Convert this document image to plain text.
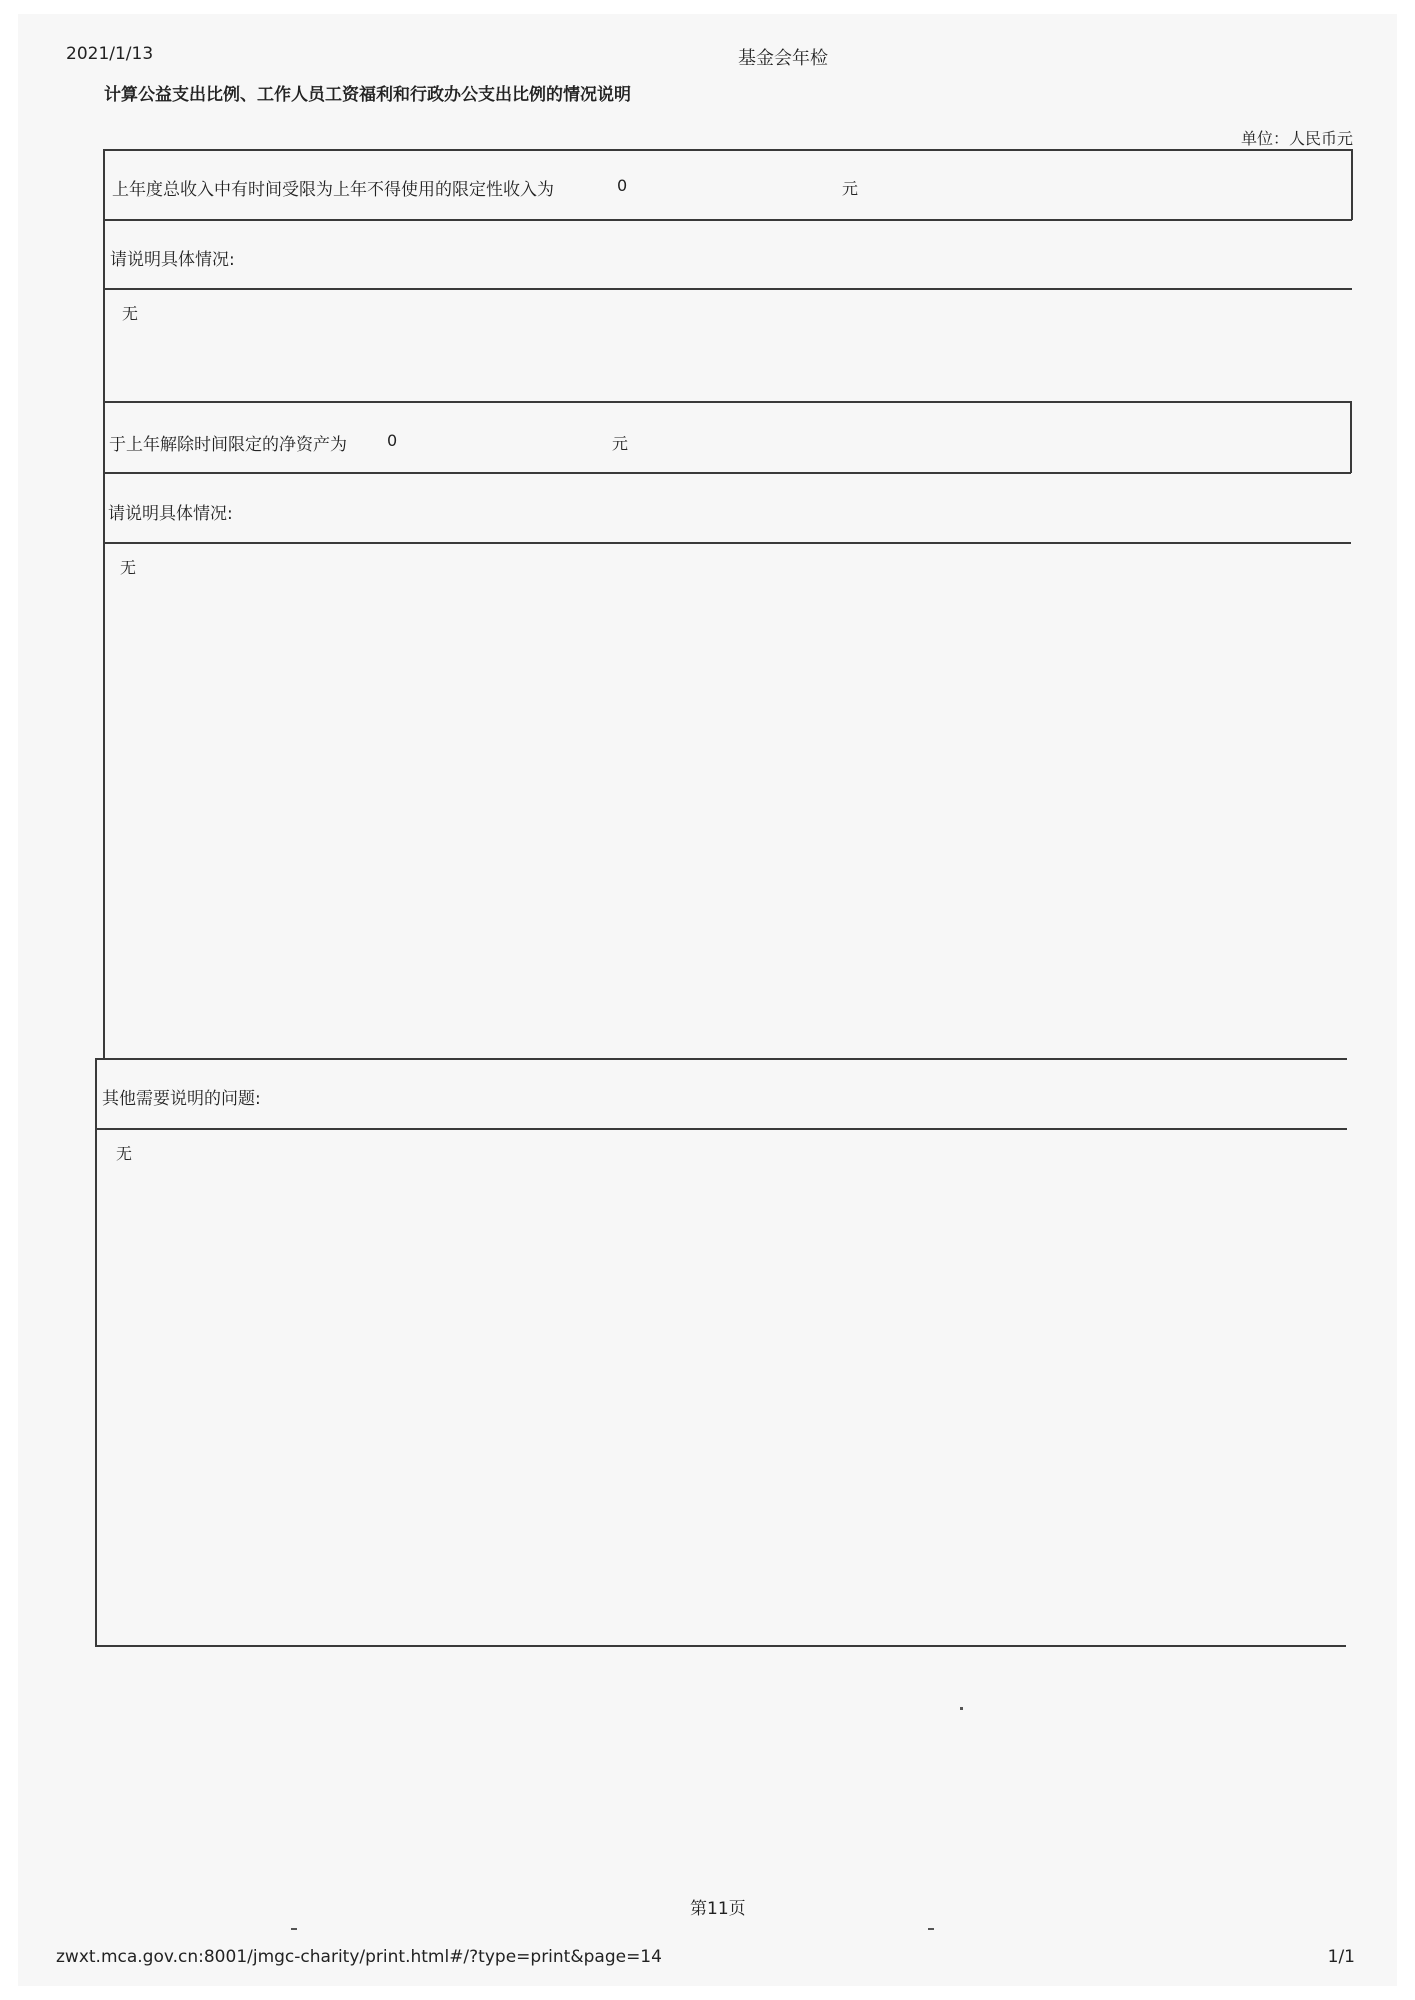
2021/1/13	基金会年检
计算公益支出比例、工作人员工资福利和行政办公支出比例的情况说明
单位：人民币元
上年度总收入中有时间受限为上年不得使用的限定性收入为	0	元
请说明具体情况:
无
于上年解除时间限定的净资产为	0	元
请说明具体情况:
无
其他需要说明的问题:
无
第11页
zwxt.mca.gov.cn:8001/jmgc-charity/print.html#/?type=print&page=14	1/1
